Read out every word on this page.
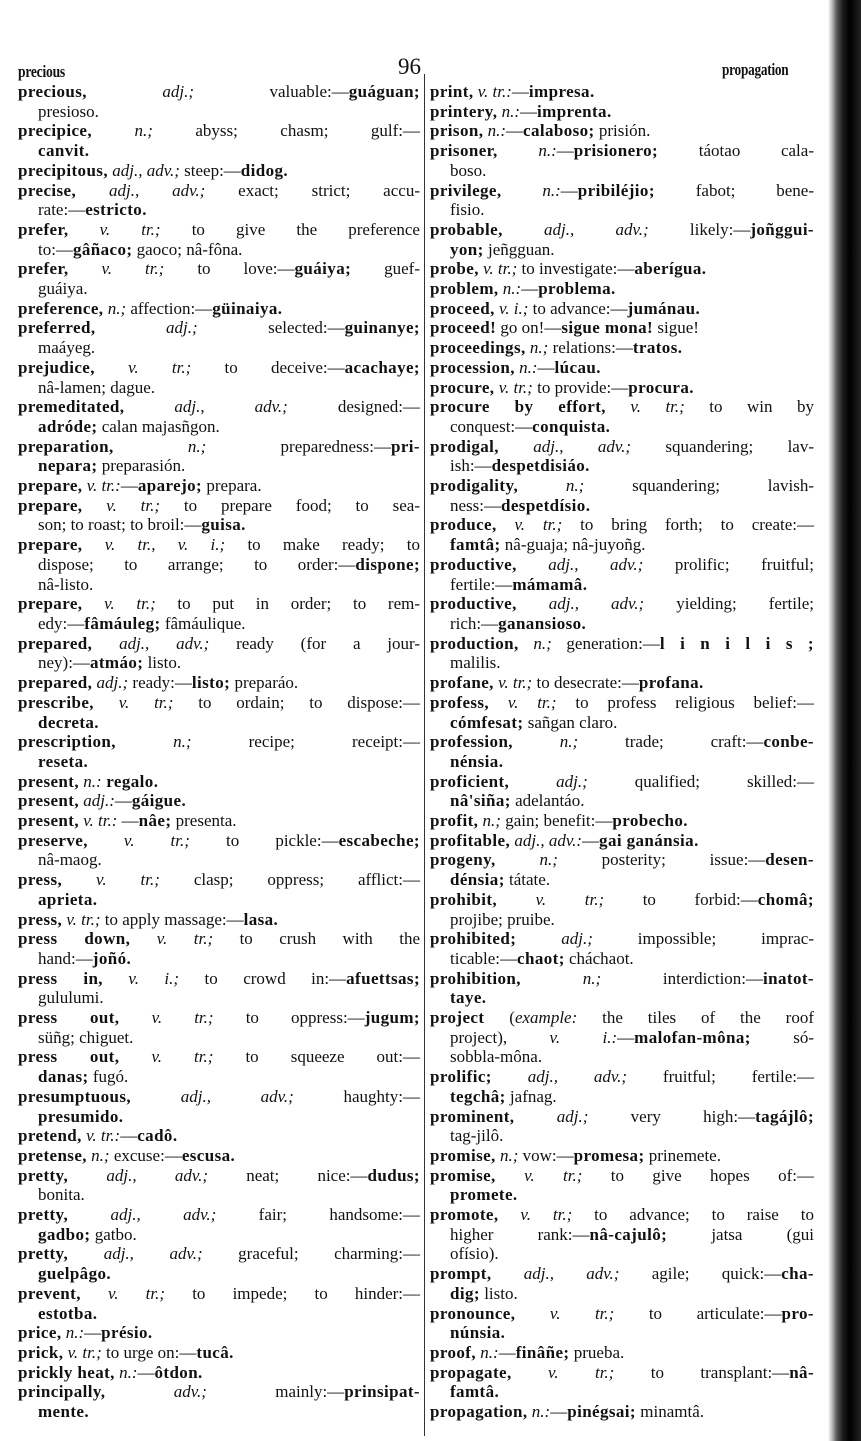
precious	96	propagation
precious, adj.; valuable:—guáguan;
presioso.
precipice, n.; abyss; chasm; gulf:—
canvit.
precipitous, adj., adv.; steep:—didog.
precise, adj., adv.; exact; strict; accu-
rate:—estricto.
prefer, v. tr.; to give the preference
to:—gâñaco; gaoco; nâ-fôna.
prefer, v. tr.; to love:—guáiya; guef-
guáiya.
preference, n.; affection:—güinaiya.
preferred, adj.; selected:—guinanye;
maáyeg.
prejudice, v. tr.; to deceive:—acachaye;
nâ-lamen; dague.
premeditated, adj., adv.; designed:—
adróde; calan majasñgon.
preparation, n.; preparedness:—pri-
nepara; preparasión.
prepare, v. tr.:—aparejo; prepara.
prepare, v. tr.; to prepare food; to sea-
son; to roast; to broil:—guisa.
prepare, v. tr., v. i.; to make ready; to
dispose; to arrange; to order:—dispone;
nâ-listo.
prepare, v. tr.; to put in order; to rem-
edy:—fâmáuleg; fâmáulique.
prepared, adj., adv.; ready (for a jour-
ney):—atmáo; listo.
prepared, adj.; ready:—listo; preparáo.
prescribe, v. tr.; to ordain; to dispose:—
decreta.
prescription, n.; recipe; receipt:—
reseta.
present, n.: regalo.
present, adj.:—gáigue.
present, v. tr.: —nâe; presenta.
preserve, v. tr.; to pickle:—escabeche;
nâ-maog.
press, v. tr.; clasp; oppress; afflict:—
aprieta.
press, v. tr.; to apply massage:—lasa.
press down, v. tr.; to crush with the
hand:—joñó.
press in, v. i.; to crowd in:—afuettsas;
gululumi.
press out, v. tr.; to oppress:—jugum;
süñg; chiguet.
press out, v. tr.; to squeeze out:—
danas; fugó.
presumptuous, adj., adv.; haughty:—
presumido.
pretend, v. tr.:—cadô.
pretense, n.; excuse:—escusa.
pretty, adj., adv.; neat; nice:—dudus;
bonita.
pretty, adj., adv.; fair; handsome:—
gadbo; gatbo.
pretty, adj., adv.; graceful; charming:—
guelpâgo.
prevent, v. tr.; to impede; to hinder:—
estotba.
price, n.:—présio.
prick, v. tr.; to urge on:—tucâ.
prickly heat, n.:—ôtdon.
principally, adv.; mainly:—prinsipat-
mente.
print, v. tr.:—impresa.
printery, n.:—imprenta.
prison, n.:—calaboso; prisión.
prisoner, n.:—prisionero; táotao cala-
boso.
privilege, n.:—pribiléjio; fabot; bene-
fisio.
probable, adj., adv.; likely:—joñggui-
yon; jeñgguan.
probe, v. tr.; to investigate:—aberígua.
problem, n.:—problema.
proceed, v. i.; to advance:—jumánau.
proceed! go on!—sigue mona! sigue!
proceedings, n.; relations:—tratos.
procession, n.:—lúcau.
procure, v. tr.; to provide:—procura.
procure by effort, v. tr.; to win by
conquest:—conquista.
prodigal, adj., adv.; squandering; lav-
ish:—despetdisiáo.
prodigality, n.; squandering; lavish-
ness:—despetdísio.
produce, v. tr.; to bring forth; to create:—
famtâ; nâ-guaja; nâ-juyoñg.
productive, adj., adv.; prolific; fruitful;
fertile:—mámamâ.
productive, adj., adv.; yielding; fertile;
rich:—ganansioso.
production, n.; generation:—l i n i l i s ;
malilis.
profane, v. tr.; to desecrate:—profana.
profess, v. tr.; to profess religious belief:—
cómfesat; sañgan claro.
profession, n.; trade; craft:—conbe-
nénsia.
proficient, adj.; qualified; skilled:—
nâ'siña; adelantáo.
profit, n.; gain; benefit:—probecho.
profitable, adj., adv.:—gai ganánsia.
progeny, n.; posterity; issue:—desen-
dénsia; tátate.
prohibit, v. tr.; to forbid:—chomâ;
projibe; pruibe.
prohibited; adj.; impossible; imprac-
ticable:—chaot; cháchaot.
prohibition, n.; interdiction:—inatot-
taye.
project (example: the tiles of the roof
project), v. i.:—malofan-môna; só-
sobbla-môna.
prolific; adj., adv.; fruitful; fertile:—
tegchâ; jafnag.
prominent, adj.; very high:—tagájlô;
tag-jilô.
promise, n.; vow:—promesa; prinemete.
promise, v. tr.; to give hopes of:—
promete.
promote, v. tr.; to advance; to raise to
higher rank:—nâ-cajulô; jatsa (gui
ofísio).
prompt, adj., adv.; agile; quick:—cha-
dig; listo.
pronounce, v. tr.; to articulate:—pro-
núnsia.
proof, n.:—finâñe; prueba.
propagate, v. tr.; to transplant:—nâ-
famtâ.
propagation, n.:—pinégsai; minamtâ.
